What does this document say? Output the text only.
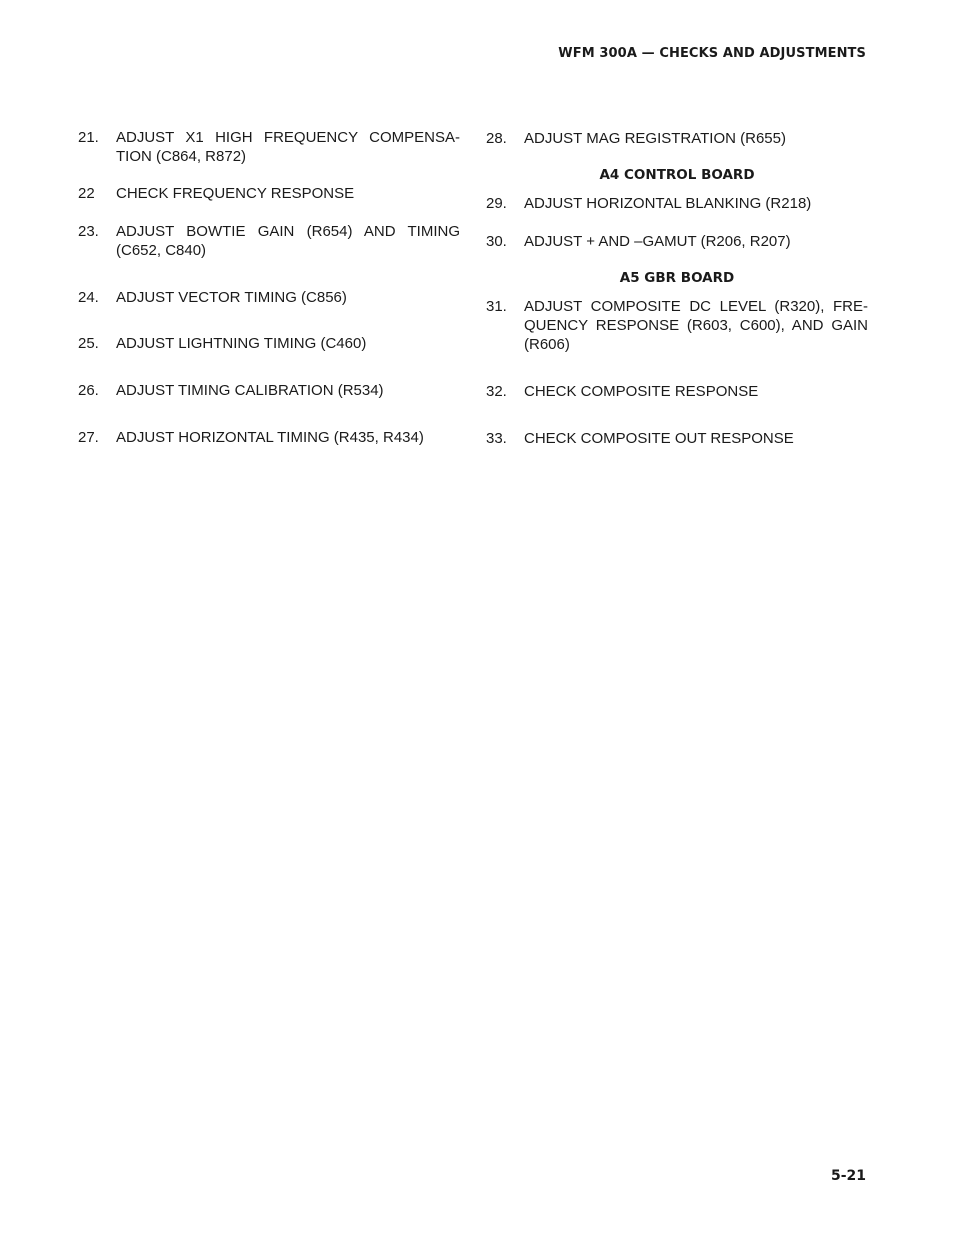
WFM 300A — CHECKS AND ADJUSTMENTS
21.	ADJUST X1 HIGH FREQUENCY COMPENSA-TION (C864, R872)
22	CHECK FREQUENCY RESPONSE
23.	ADJUST BOWTIE GAIN (R654) AND TIMING (C652, C840)
24.	ADJUST VECTOR TIMING (C856)
25.	ADJUST LIGHTNING TIMING (C460)
26.	ADJUST TIMING CALIBRATION (R534)
27.	ADJUST HORIZONTAL TIMING (R435, R434)
28.	ADJUST MAG REGISTRATION (R655)
A4 CONTROL BOARD
29.	ADJUST HORIZONTAL BLANKING (R218)
30.	ADJUST + AND –GAMUT (R206, R207)
A5 GBR BOARD
31.	ADJUST COMPOSITE DC LEVEL (R320), FRE-QUENCY RESPONSE (R603, C600), AND GAIN (R606)
32.	CHECK COMPOSITE RESPONSE
33.	CHECK COMPOSITE OUT RESPONSE
5-21
